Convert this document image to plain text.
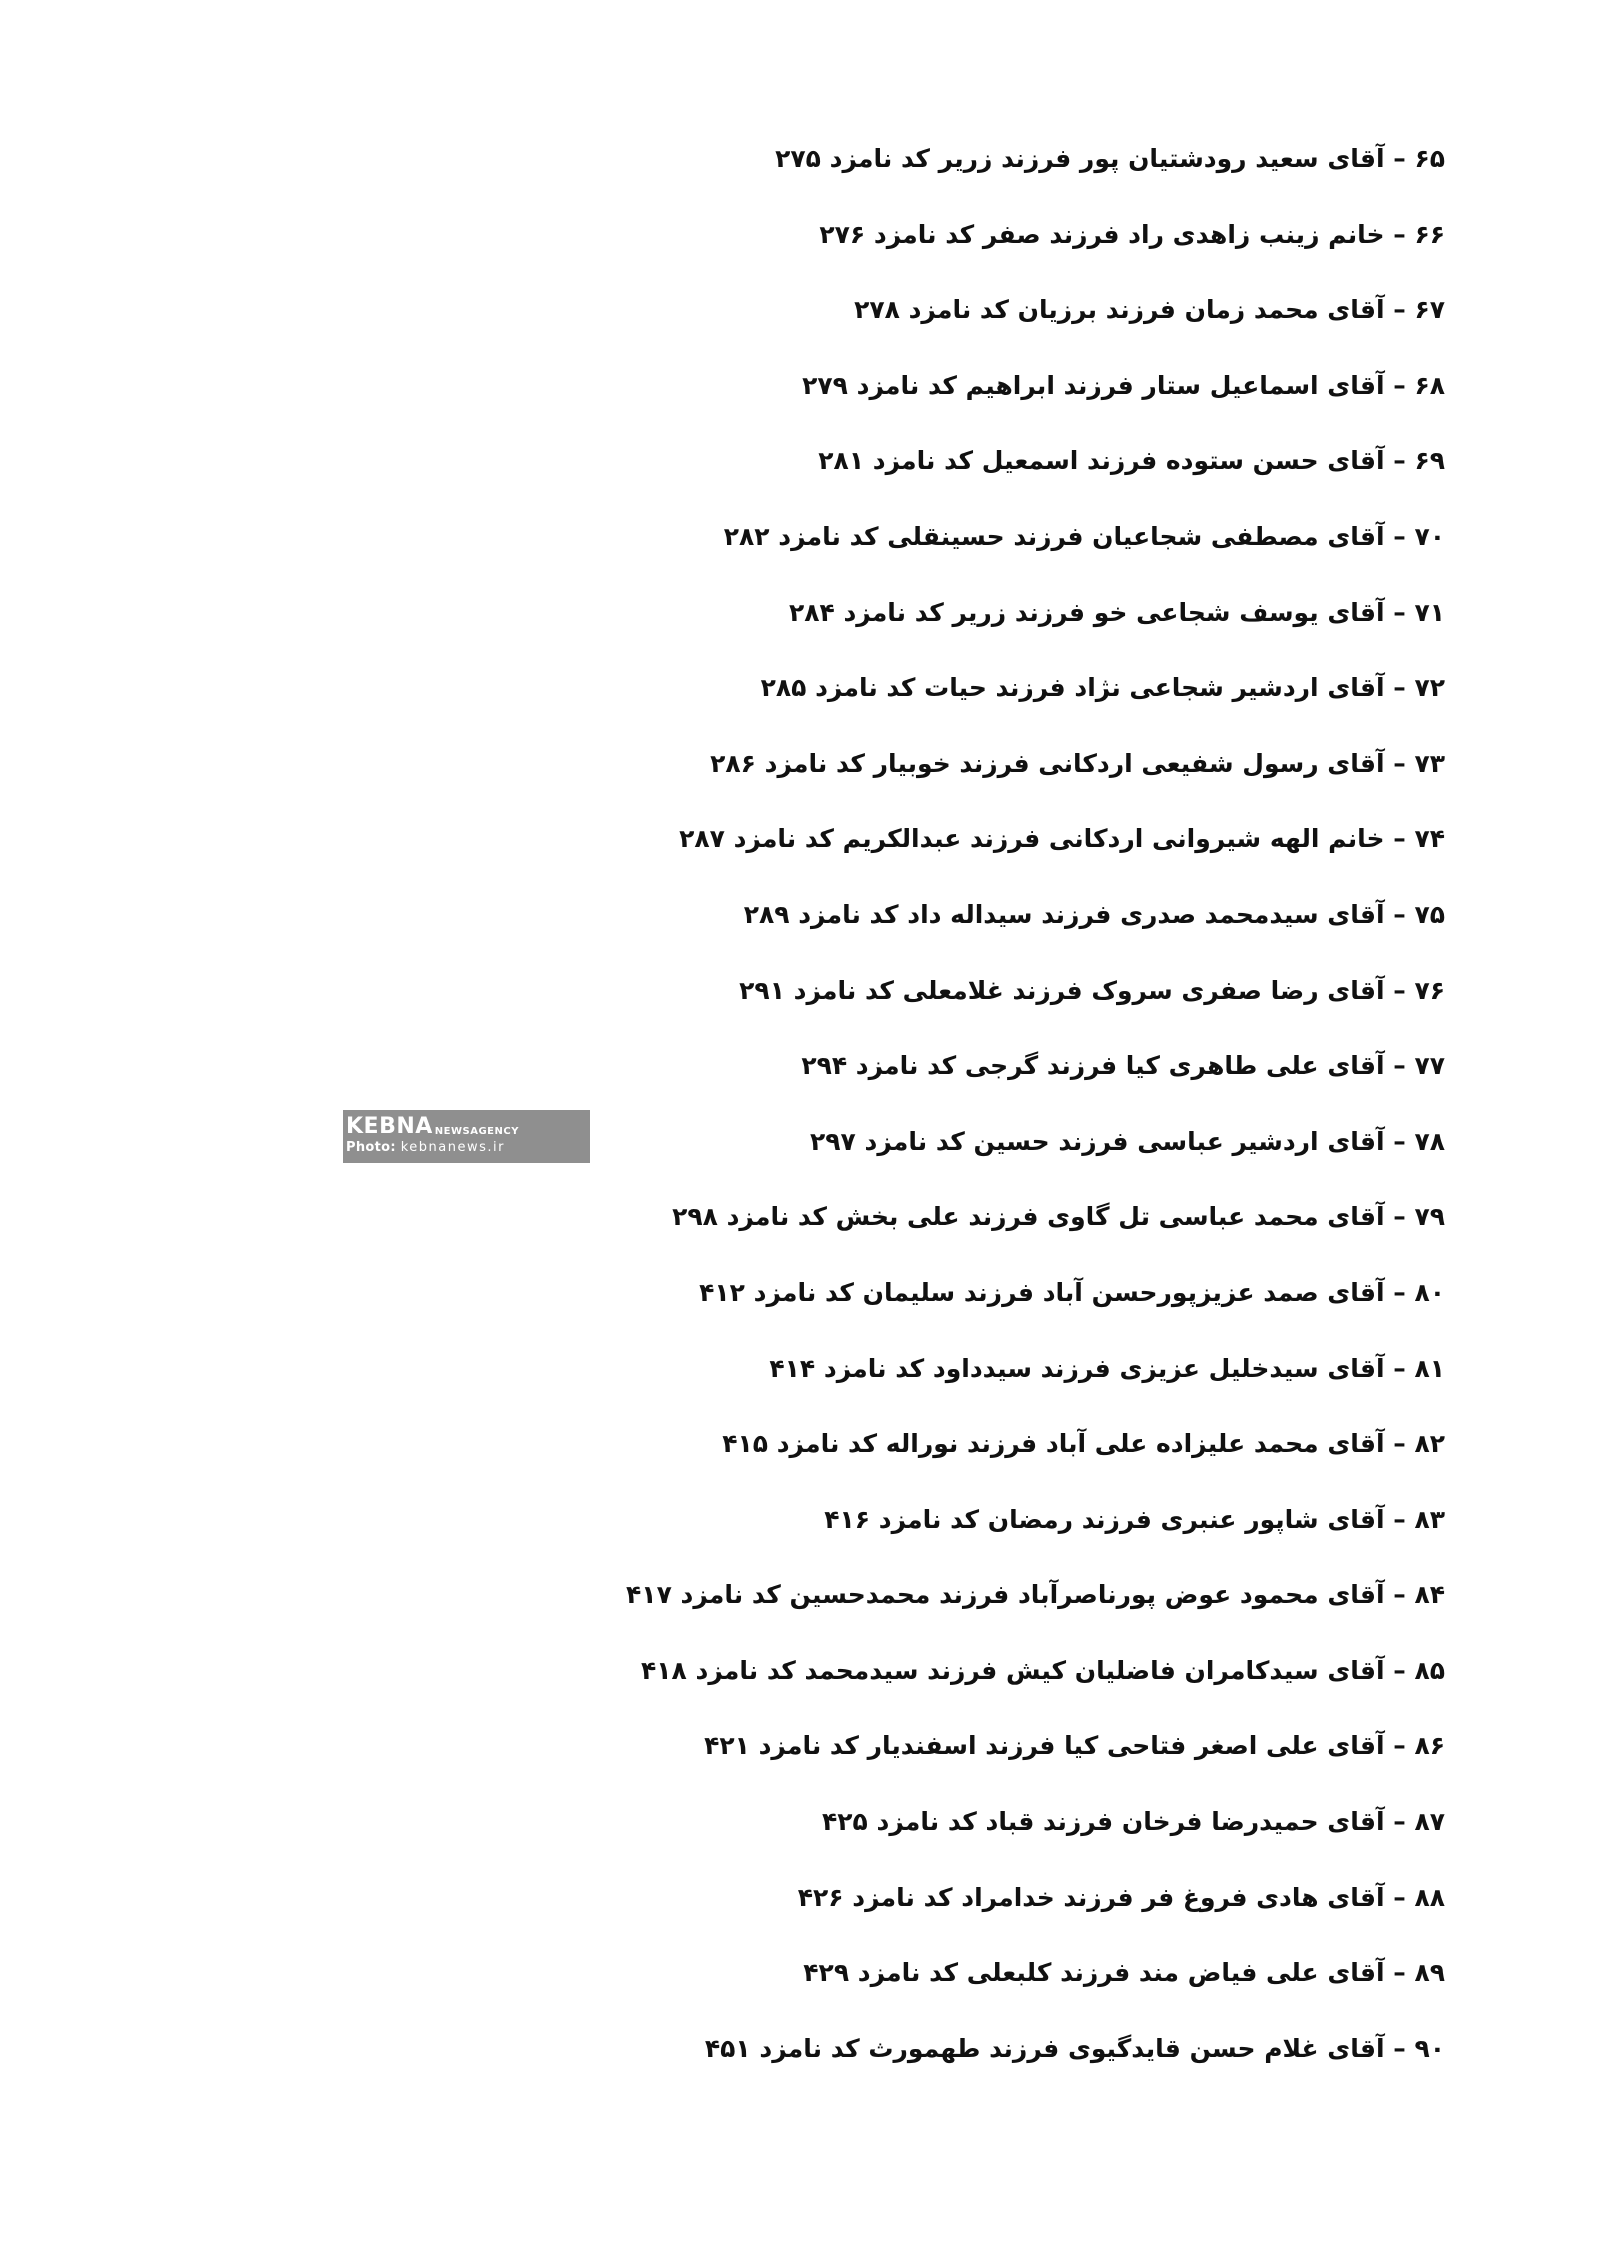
۶۵ – آقای سعید رودشتیان پور فرزند زریر کد نامزد ۲۷۵
۶۶ – خانم زینب زاهدی راد فرزند صفر کد نامزد ۲۷۶
۶۷ – آقای محمد زمان فرزند برزیان کد نامزد ۲۷۸
۶۸ – آقای اسماعیل ستار فرزند ابراهیم کد نامزد ۲۷۹
۶۹ – آقای حسن ستوده فرزند اسمعیل کد نامزد ۲۸۱
۷۰ – آقای مصطفی شجاعیان فرزند حسینقلی کد نامزد ۲۸۲
۷۱ – آقای یوسف شجاعی خو فرزند زریر کد نامزد ۲۸۴
۷۲ – آقای اردشیر شجاعی نژاد فرزند حیات کد نامزد ۲۸۵
۷۳ – آقای رسول شفیعی اردکانی فرزند خوبیار کد نامزد ۲۸۶
۷۴ – خانم الهه شیروانی اردکانی فرزند عبدالکریم کد نامزد ۲۸۷
۷۵ – آقای سیدمحمد صدری فرزند سیداله داد کد نامزد ۲۸۹
۷۶ – آقای رضا صفری سروک فرزند غلامعلی کد نامزد ۲۹۱
۷۷ – آقای علی طاهری کیا فرزند گرجی کد نامزد ۲۹۴
۷۸ – آقای اردشیر عباسی فرزند حسین کد نامزد ۲۹۷
۷۹ – آقای محمد عباسی تل گاوی فرزند علی بخش کد نامزد ۲۹۸
۸۰ – آقای صمد عزیزپورحسن آباد فرزند سلیمان کد نامزد ۴۱۲
۸۱ – آقای سیدخلیل عزیزی فرزند سیدداود کد نامزد ۴۱۴
۸۲ – آقای محمد علیزاده علی آباد فرزند نوراله کد نامزد ۴۱۵
۸۳ – آقای شاپور عنبری فرزند رمضان کد نامزد ۴۱۶
۸۴ – آقای محمود عوض پورناصرآباد فرزند محمدحسین کد نامزد ۴۱۷
۸۵ – آقای سیدکامران فاضلیان کیش فرزند سیدمحمد کد نامزد ۴۱۸
۸۶ – آقای علی اصغر فتاحی کیا فرزند اسفندیار کد نامزد ۴۲۱
۸۷ – آقای حمیدرضا فرخان فرزند قباد کد نامزد ۴۲۵
۸۸ – آقای هادی فروغ فر فرزند خدامراد کد نامزد ۴۲۶
۸۹ – آقای علی فیاض مند فرزند کلبعلی کد نامزد ۴۲۹
۹۰ – آقای غلام حسن قایدگیوی فرزند طهمورث کد نامزد ۴۵۱
KEBNA NEWSAGENCY
Photo: kebnanews.ir
